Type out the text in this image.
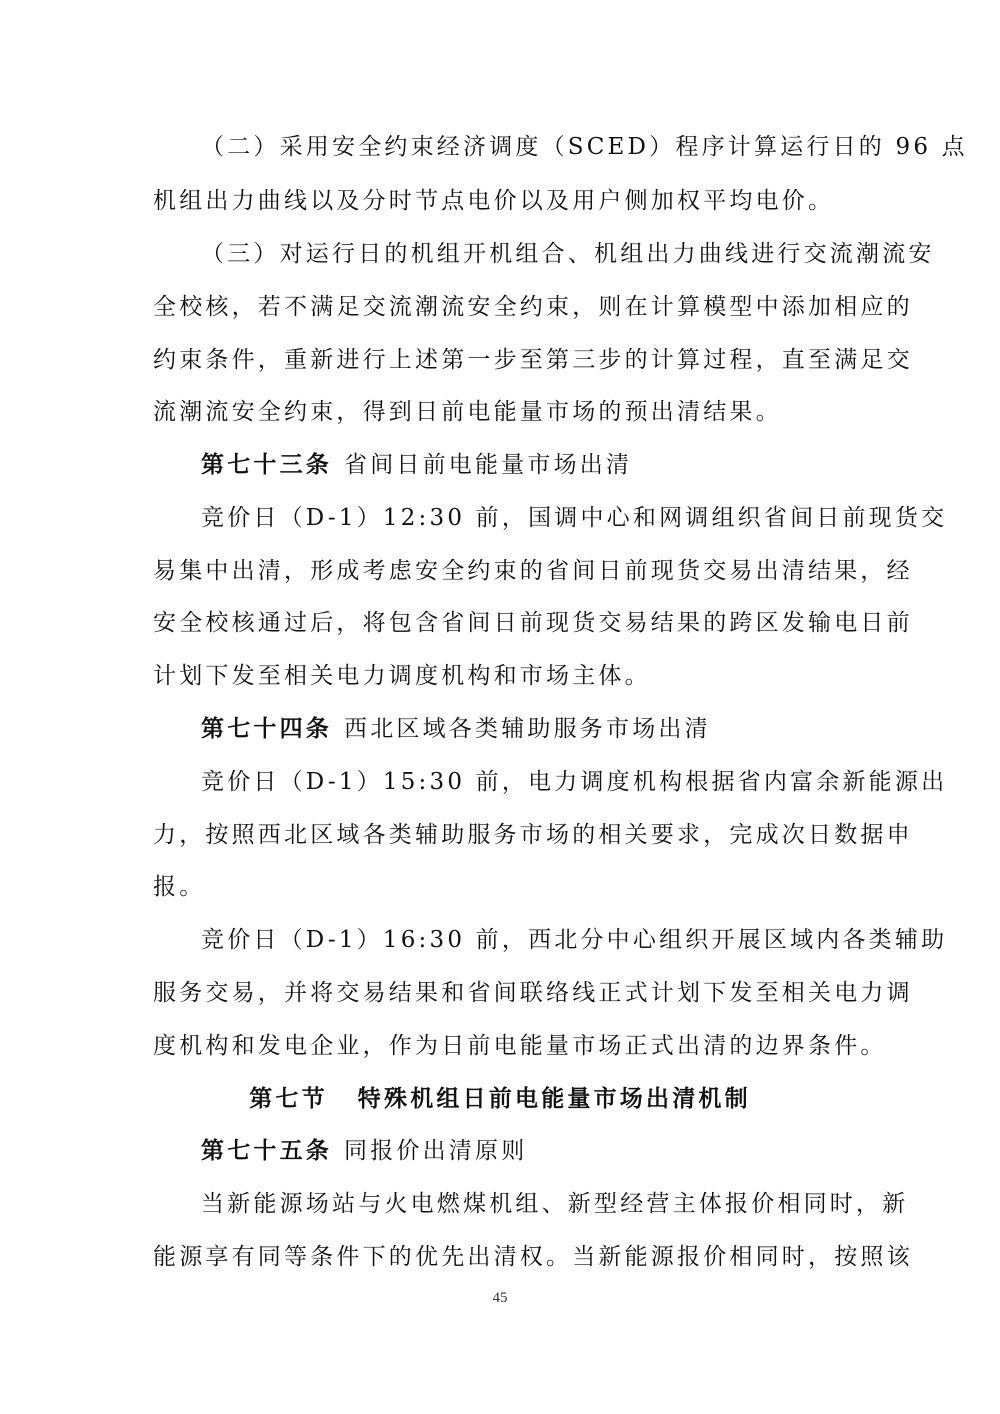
（二）采用安全约束经济调度（SCED）程序计算运行日的 96 点
机组出力曲线以及分时节点电价以及用户侧加权平均电价。
（三）对运行日的机组开机组合、机组出力曲线进行交流潮流安
全校核，若不满足交流潮流安全约束，则在计算模型中添加相应的
约束条件，重新进行上述第一步至第三步的计算过程，直至满足交
流潮流安全约束，得到日前电能量市场的预出清结果。
第七十三条 省间日前电能量市场出清
竞价日（D-1）12:30 前，国调中心和网调组织省间日前现货交
易集中出清，形成考虑安全约束的省间日前现货交易出清结果，经
安全校核通过后，将包含省间日前现货交易结果的跨区发输电日前
计划下发至相关电力调度机构和市场主体。
第七十四条 西北区域各类辅助服务市场出清
竞价日（D-1）15:30 前，电力调度机构根据省内富余新能源出
力，按照西北区域各类辅助服务市场的相关要求，完成次日数据申
报。
竞价日（D-1）16:30 前，西北分中心组织开展区域内各类辅助
服务交易，并将交易结果和省间联络线正式计划下发至相关电力调
度机构和发电企业，作为日前电能量市场正式出清的边界条件。
第七节 特殊机组日前电能量市场出清机制
第七十五条 同报价出清原则
当新能源场站与火电燃煤机组、新型经营主体报价相同时，新
能源享有同等条件下的优先出清权。当新能源报价相同时，按照该
45
